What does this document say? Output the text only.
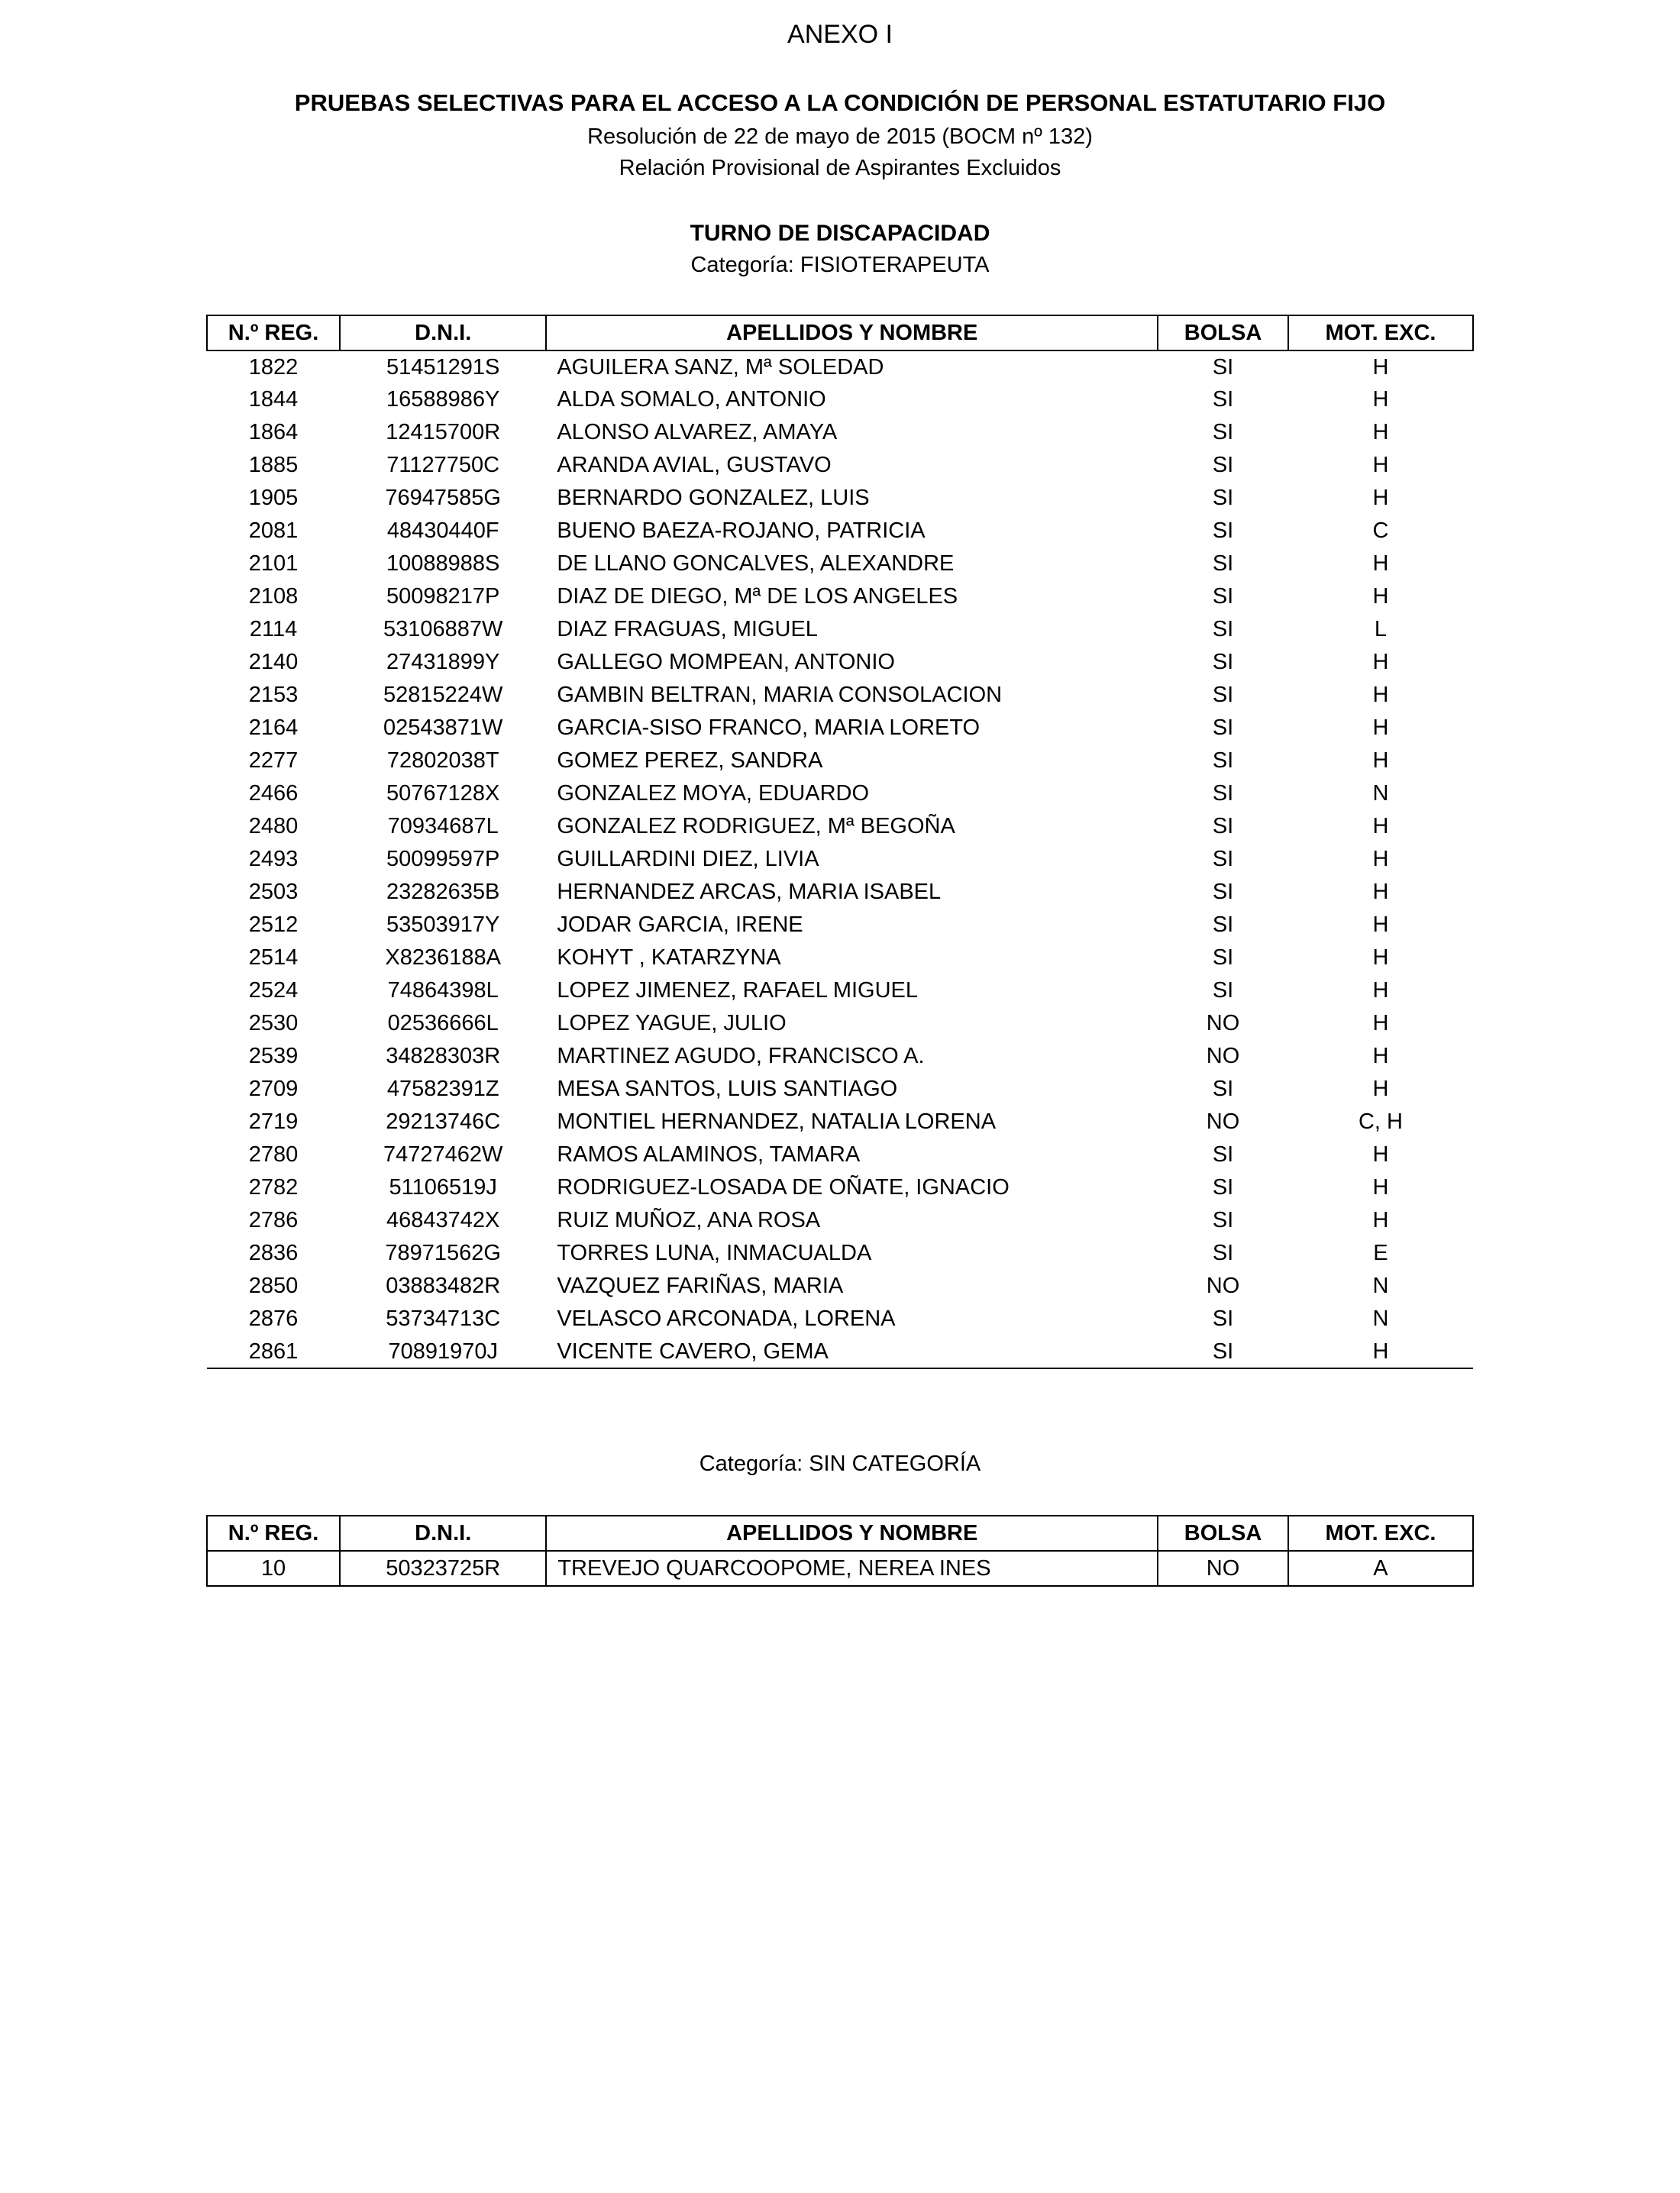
ANEXO I
PRUEBAS SELECTIVAS PARA EL ACCESO A LA CONDICIÓN DE PERSONAL ESTATUTARIO FIJO
Resolución de 22 de mayo de 2015 (BOCM nº 132)
Relación Provisional de Aspirantes Excluidos
TURNO DE DISCAPACIDAD
Categoría: FISIOTERAPEUTA
N.º REG.	D.N.I.	APELLIDOS Y NOMBRE	BOLSA	MOT. EXC.
1822	51451291S	AGUILERA SANZ, Mª SOLEDAD	SI	H
1844	16588986Y	ALDA SOMALO, ANTONIO	SI	H
1864	12415700R	ALONSO ALVAREZ, AMAYA	SI	H
1885	71127750C	ARANDA AVIAL, GUSTAVO	SI	H
1905	76947585G	BERNARDO GONZALEZ, LUIS	SI	H
2081	48430440F	BUENO BAEZA-ROJANO, PATRICIA	SI	C
2101	10088988S	DE LLANO GONCALVES, ALEXANDRE	SI	H
2108	50098217P	DIAZ DE DIEGO, Mª DE LOS ANGELES	SI	H
2114	53106887W	DIAZ FRAGUAS, MIGUEL	SI	L
2140	27431899Y	GALLEGO MOMPEAN, ANTONIO	SI	H
2153	52815224W	GAMBIN BELTRAN, MARIA CONSOLACION	SI	H
2164	02543871W	GARCIA-SISO FRANCO, MARIA LORETO	SI	H
2277	72802038T	GOMEZ PEREZ, SANDRA	SI	H
2466	50767128X	GONZALEZ MOYA, EDUARDO	SI	N
2480	70934687L	GONZALEZ RODRIGUEZ, Mª BEGOÑA	SI	H
2493	50099597P	GUILLARDINI DIEZ, LIVIA	SI	H
2503	23282635B	HERNANDEZ ARCAS, MARIA ISABEL	SI	H
2512	53503917Y	JODAR GARCIA, IRENE	SI	H
2514	X8236188A	KOHYT , KATARZYNA	SI	H
2524	74864398L	LOPEZ JIMENEZ, RAFAEL MIGUEL	SI	H
2530	02536666L	LOPEZ YAGUE, JULIO	NO	H
2539	34828303R	MARTINEZ AGUDO, FRANCISCO A.	NO	H
2709	47582391Z	MESA SANTOS, LUIS SANTIAGO	SI	H
2719	29213746C	MONTIEL HERNANDEZ, NATALIA LORENA	NO	C, H
2780	74727462W	RAMOS ALAMINOS, TAMARA	SI	H
2782	51106519J	RODRIGUEZ-LOSADA DE OÑATE, IGNACIO	SI	H
2786	46843742X	RUIZ MUÑOZ, ANA ROSA	SI	H
2836	78971562G	TORRES LUNA, INMACUALDA	SI	E
2850	03883482R	VAZQUEZ FARIÑAS, MARIA	NO	N
2876	53734713C	VELASCO ARCONADA, LORENA	SI	N
2861	70891970J	VICENTE CAVERO, GEMA	SI	H
Categoría: SIN CATEGORÍA
N.º REG.	D.N.I.	APELLIDOS Y NOMBRE	BOLSA	MOT. EXC.
10	50323725R	TREVEJO QUARCOOPOME, NEREA INES	NO	A
